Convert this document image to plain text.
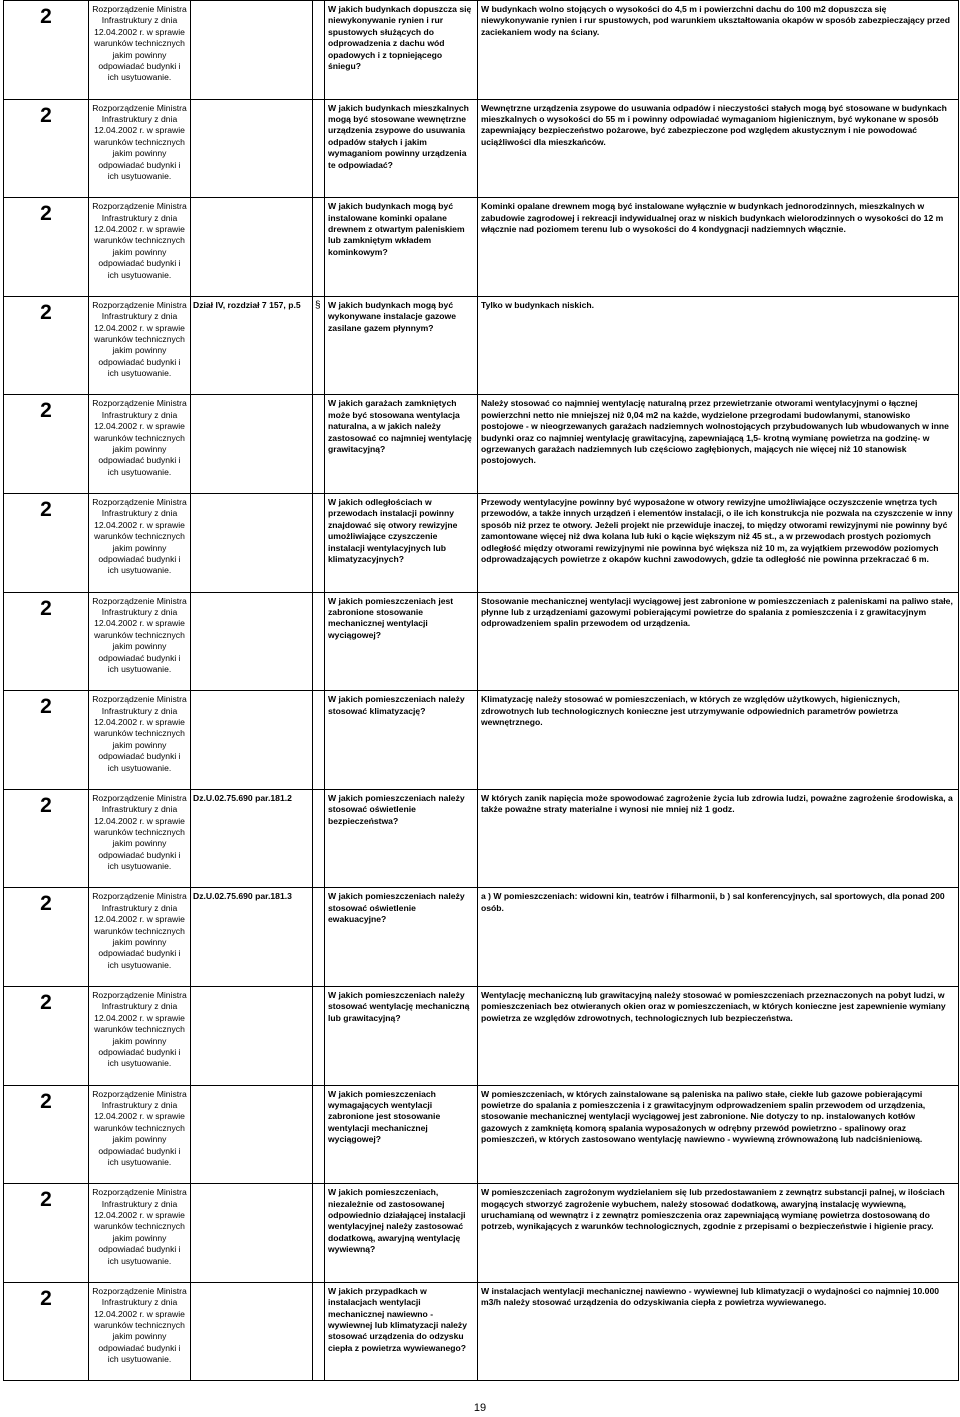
2	Rozporządzenie Ministra Infrastruktury z dnia 12.04.2002 r. w sprawie warunków technicznych jakim powinny odpowiadać budynki i ich usytuowanie.			W jakich budynkach dopuszcza się niewykonywanie rynien i rur spustowych służących do odprowadzenia z dachu wód opadowych i z topniejącego śniegu?	W budynkach wolno stojących o wysokości do 4,5 m i powierzchni dachu do 100 m2 dopuszcza się niewykonywanie rynien i rur spustowych, pod warunkiem ukształtowania okapów w sposób zabezpieczający przed zaciekaniem wody na ściany.
2	Rozporządzenie Ministra Infrastruktury z dnia 12.04.2002 r. w sprawie warunków technicznych jakim powinny odpowiadać budynki i ich usytuowanie.			W jakich budynkach mieszkalnych mogą być stosowane wewnętrzne urządzenia zsypowe do usuwania odpadów stałych i jakim wymaganiom powinny urządzenia te odpowiadać?	Wewnętrzne urządzenia zsypowe do usuwania odpadów i nieczystości stałych mogą być stosowane w budynkach mieszkalnych o wysokości do 55 m i powinny odpowiadać wymaganiom higienicznym, być wykonane w sposób zapewniający bezpieczeństwo pożarowe, być zabezpieczone pod względem akustycznym i nie powodować uciążliwości dla mieszkańców.
2	Rozporządzenie Ministra Infrastruktury z dnia 12.04.2002 r. w sprawie warunków technicznych jakim powinny odpowiadać budynki i ich usytuowanie.			W jakich budynkach mogą być instalowane kominki opalane drewnem z otwartym paleniskiem lub zamkniętym wkładem kominkowym?	Kominki opalane drewnem mogą być instalowane wyłącznie w budynkach jednorodzinnych, mieszkalnych w zabudowie zagrodowej i rekreacji indywidualnej oraz w niskich budynkach wielorodzinnych o wysokości do 12 m włącznie nad poziomem terenu lub o wysokości do 4 kondygnacji nadziemnych włącznie.
2	Rozporządzenie Ministra Infrastruktury z dnia 12.04.2002 r. w sprawie warunków technicznych jakim powinny odpowiadać budynki i ich usytuowanie.	Dział IV, rozdział 7 157, p.5	§	W jakich budynkach mogą być wykonywane instalacje gazowe zasilane gazem płynnym?	Tylko w budynkach niskich.
2	Rozporządzenie Ministra Infrastruktury z dnia 12.04.2002 r. w sprawie warunków technicznych jakim powinny odpowiadać budynki i ich usytuowanie.			W jakich garażach zamkniętych może być stosowana wentylacja naturalna, a w jakich należy zastosować co najmniej wentylację grawitacyjną?	Należy stosować co najmniej wentylację naturalną przez przewietrzanie otworami wentylacyjnymi o łącznej powierzchni netto nie mniejszej niż 0,04 m2 na każde, wydzielone przegrodami budowlanymi, stanowisko postojowe - w nieogrzewanych garażach nadziemnych wolnostojących przybudowanych lub wbudowanych w inne budynki oraz co najmniej wentylację grawitacyjną, zapewniającą 1,5- krotną wymianę powietrza na godzinę- w ogrzewanych garażach nadziemnych lub częściowo zagłębionych, mających nie więcej niż 10 stanowisk postojowych.
2	Rozporządzenie Ministra Infrastruktury z dnia 12.04.2002 r. w sprawie warunków technicznych jakim powinny odpowiadać budynki i ich usytuowanie.			W jakich odległościach w przewodach instalacji powinny znajdować się otwory rewizyjne umożliwiające czyszczenie instalacji wentylacyjnych lub klimatyzacyjnych?	Przewody wentylacyjne powinny być wyposażone w otwory rewizyjne umożliwiające oczyszczenie wnętrza tych przewodów, a także innych urządzeń i elementów instalacji, o ile ich konstrukcja nie pozwala na czyszczenie w inny sposób niż przez te otwory. Jeżeli projekt nie przewiduje inaczej, to między otworami rewizyjnymi nie powinny być zamontowane więcej niż dwa kolana lub łuki o kącie większym niż 45 st., a w przewodach prostych poziomych odległość między otworami rewizyjnymi nie powinna być większa niż 10 m, za wyjątkiem przewodów poziomych odprowadzających powietrze z okapów kuchni zawodowych, gdzie ta odległość nie powinna przekraczać 6 m.
2	Rozporządzenie Ministra Infrastruktury z dnia 12.04.2002 r. w sprawie warunków technicznych jakim powinny odpowiadać budynki i ich usytuowanie.			W jakich pomieszczeniach jest zabronione stosowanie mechanicznej wentylacji wyciągowej?	Stosowanie mechanicznej wentylacji wyciągowej jest zabronione w pomieszczeniach z paleniskami na paliwo stałe, płynne lub z urządzeniami gazowymi pobierającymi powietrze do spalania z pomieszczenia i z grawitacyjnym odprowadzeniem spalin przewodem od urządzenia.
2	Rozporządzenie Ministra Infrastruktury z dnia 12.04.2002 r. w sprawie warunków technicznych jakim powinny odpowiadać budynki i ich usytuowanie.			W jakich pomieszczeniach należy stosować klimatyzację?	Klimatyzację należy stosować w pomieszczeniach, w których ze względów użytkowych, higienicznych, zdrowotnych lub technologicznych konieczne jest utrzymywanie odpowiednich parametrów powietrza wewnętrznego.
2	Rozporządzenie Ministra Infrastruktury z dnia 12.04.2002 r. w sprawie warunków technicznych jakim powinny odpowiadać budynki i ich usytuowanie.	Dz.U.02.75.690 par.181.2		W jakich pomieszczeniach należy stosować oświetlenie bezpieczeństwa?	W których zanik napięcia może spowodować zagrożenie życia lub zdrowia ludzi, poważne zagrożenie środowiska, a także poważne straty materialne i wynosi nie mniej niż 1 godz.
2	Rozporządzenie Ministra Infrastruktury z dnia 12.04.2002 r. w sprawie warunków technicznych jakim powinny odpowiadać budynki i ich usytuowanie.	Dz.U.02.75.690 par.181.3		W jakich pomieszczeniach należy stosować oświetlenie ewakuacyjne?	a ) W pomieszczeniach: widowni kin, teatrów i filharmonii, b ) sal konferencyjnych, sal sportowych, dla ponad 200 osób.
2	Rozporządzenie Ministra Infrastruktury z dnia 12.04.2002 r. w sprawie warunków technicznych jakim powinny odpowiadać budynki i ich usytuowanie.			W jakich pomieszczeniach należy stosować wentylację mechaniczną lub grawitacyjną?	Wentylację mechaniczną lub grawitacyjną należy stosować w pomieszczeniach przeznaczonych na pobyt ludzi, w pomieszczeniach bez otwieranych okien oraz w pomieszczeniach, w których konieczne jest zapewnienie wymiany powietrza ze względów zdrowotnych, technologicznych lub bezpieczeństwa.
2	Rozporządzenie Ministra Infrastruktury z dnia 12.04.2002 r. w sprawie warunków technicznych jakim powinny odpowiadać budynki i ich usytuowanie.			W jakich pomieszczeniach wymagających wentylacji zabronione jest stosowanie wentylacji mechanicznej wyciągowej?	W pomieszczeniach, w których zainstalowane są paleniska na paliwo stałe, ciekłe lub gazowe pobierającymi powietrze do spalania z pomieszczenia i z grawitacyjnym odprowadzeniem spalin przewodem od urządzenia, stosowanie mechanicznej wentylacji wyciągowej jest zabronione. Nie dotyczy to np. instalowanych kotłów gazowych z zamkniętą komorą spalania wyposażonych w odrębny przewód powietrzno - spalinowy oraz pomieszczeń, w których zastosowano wentylację nawiewno - wywiewną zrównoważoną lub nadciśnieniową.
2	Rozporządzenie Ministra Infrastruktury z dnia 12.04.2002 r. w sprawie warunków technicznych jakim powinny odpowiadać budynki i ich usytuowanie.			W jakich pomieszczeniach, niezależnie od zastosowanej odpowiednio działającej instalacji wentylacyjnej należy zastosować dodatkową, awaryjną wentylację wywiewną?	W pomieszczeniach zagrożonym wydzielaniem się lub przedostawaniem z zewnątrz substancji palnej, w ilościach mogących stworzyć zagrożenie wybuchem, należy stosować dodatkową, awaryjną instalację wywiewną, uruchamianą od wewnątrz i z zewnątrz pomieszczenia oraz zapewniającą wymianę powietrza dostosowaną do potrzeb, wynikających z warunków technologicznych, zgodnie z przepisami o bezpieczeństwie i higienie pracy.
2	Rozporządzenie Ministra Infrastruktury z dnia 12.04.2002 r. w sprawie warunków technicznych jakim powinny odpowiadać budynki i ich usytuowanie.			W jakich przypadkach w instalacjach wentylacji mechanicznej nawiewno - wywiewnej lub klimatyzacji należy stosować urządzenia do odzysku ciepła z powietrza wywiewanego?	W instalacjach wentylacji mechanicznej nawiewno - wywiewnej lub klimatyzacji o wydajności co najmniej 10.000 m3/h należy stosować urządzenia do odzyskiwania ciepła z powietrza wywiewanego.
19
